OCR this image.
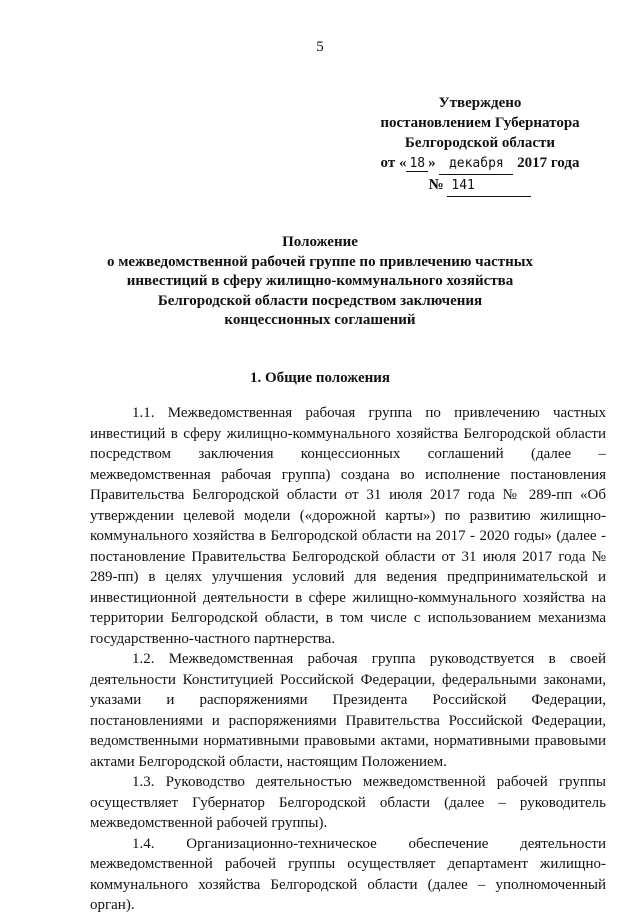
5
Утверждено
постановлением Губернатора
Белгородской области
от « 18 » декабря 2017 года
№ 141
Положение
о межведомственной рабочей группе по привлечению частных
инвестиций в сферу жилищно-коммунального хозяйства
Белгородской области посредством заключения
концессионных соглашений
1. Общие положения

1.1. Межведомственная рабочая группа по привлечению частных инвестиций в сферу жилищно-коммунального хозяйства Белгородской области посредством заключения концессионных соглашений (далее – межведомственная рабочая группа) создана во исполнение постановления Правительства Белгородской области от 31 июля 2017 года № 289-пп «Об утверждении целевой модели («дорожной карты») по развитию жилищно-коммунального хозяйства в Белгородской области на 2017 - 2020 годы» (далее - постановление Правительства Белгородской области от 31 июля 2017 года № 289-пп) в целях улучшения условий для ведения предпринимательской и инвестиционной деятельности в сфере жилищно-коммунального хозяйства на территории Белгородской области, в том числе с использованием механизма государственно-частного партнерства.

1.2. Межведомственная рабочая группа руководствуется в своей деятельности Конституцией Российской Федерации, федеральными законами, указами и распоряжениями Президента Российской Федерации, постановлениями и распоряжениями Правительства Российской Федерации, ведомственными нормативными правовыми актами, нормативными правовыми актами Белгородской области, настоящим Положением.

1.3. Руководство деятельностью межведомственной рабочей группы осуществляет Губернатор Белгородской области (далее – руководитель межведомственной рабочей группы).

1.4. Организационно-техническое обеспечение деятельности межведомственной рабочей группы осуществляет департамент жилищно-коммунального хозяйства Белгородской области (далее – уполномоченный орган).
